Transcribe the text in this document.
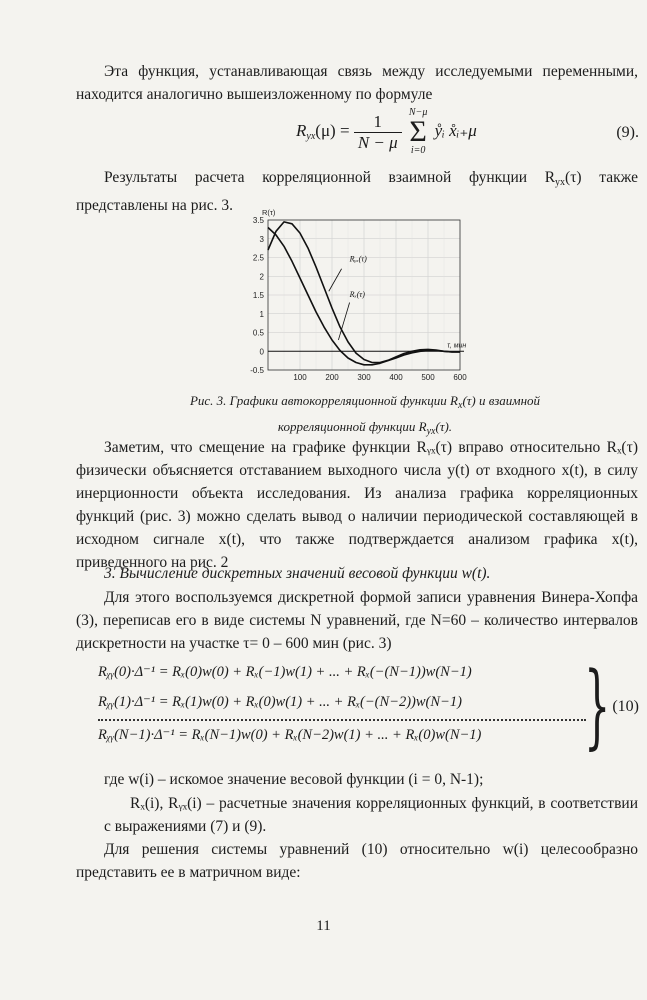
Эта функция, устанавливающая связь между исследуемыми переменными, находится аналогично вышеизложенному по формуле
$R_{yx}(\mu) = \frac{1}{N - \mu}$
N−μ
Σ
i=0
ẙᵢ x̊ᵢ₊μ	(9).
Результаты расчета корреляционной взаимной функции $R_{yx}(\tau)$ также представлены на рис. 3.
3.5
3
2.5
2
1.5
1
0.5
0
-0.5
100 200 300 400 500 600
R(τ)
τ, мин
Rᵧₓ(τ)
Rₓ(τ)
Рис. 3. Графики автокорреляционной функции $R_x(\tau)$ и взаимной
корреляционной функции $R_{yx}(\tau)$.
Заметим, что смещение на графике функции Rᵧₓ(τ) вправо относительно Rₓ(τ) физически объясняется отставанием выходного числа y(t) от входного x(t), в силу инерционности объекта исследования. Из анализа графика корреляционных функций (рис. 3) можно сделать вывод о наличии периодической составляющей в исходном сигнале x(t), что также подтверждается анализом графика x(t), приведенного на рис. 2
3. Вычисление дискретных значений весовой функции w(t).
Для этого воспользуемся дискретной формой записи уравнения Винера-Хопфа (3), переписав его в виде системы N уравнений, где N=60 – количество интервалов дискретности на участке τ= 0 – 600 мин (рис. 3)
Rᵪᵧ(0)·Δ⁻¹ = Rₓ(0)w(0) + Rₓ(−1)w(1) + ... + Rₓ(−(N−1))w(N−1)
Rᵪᵧ(1)·Δ⁻¹ = Rₓ(1)w(0) + Rₓ(0)w(1) + ... + Rₓ(−(N−2))w(N−1)
Rᵪᵧ(N−1)·Δ⁻¹ = Rₓ(N−1)w(0) + Rₓ(N−2)w(1) + ... + Rₓ(0)w(N−1) } (10)
где w(i) – искомое значение весовой функции (i = 0, N-1);
Rₓ(i), Rᵧₓ(i) – расчетные значения корреляционных функций, в соответствии с выражениями (7) и (9).
Для решения системы уравнений (10) относительно w(i) целесообразно представить ее в матричном виде:
11
